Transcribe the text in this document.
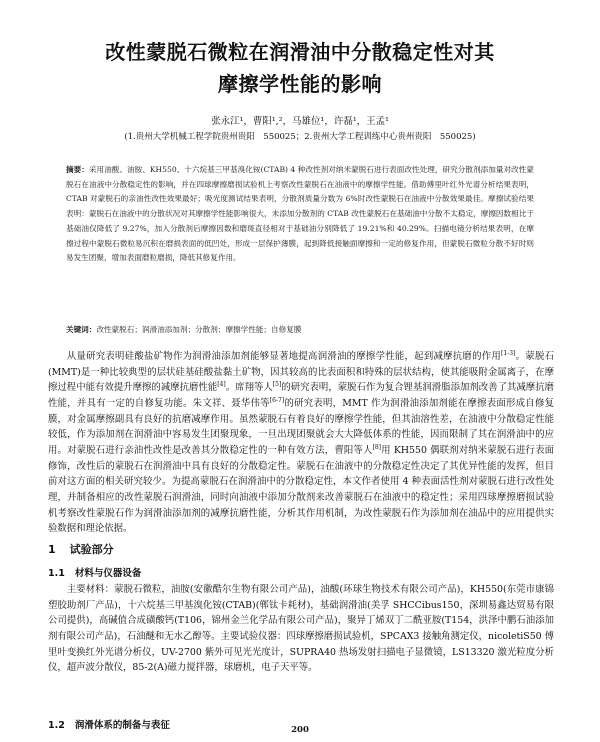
改性蒙脱石微粒在润滑油中分散稳定性对其
摩擦学性能的影响
张永江¹，曹阳¹,²，马雄位¹，许磊¹，王孟¹
(1.贵州大学机械工程学院贵州贵阳　550025；2.贵州大学工程训练中心贵州贵阳　550025)
摘要：采用油酸、油胺、KH550、十六烷基三甲基溴化铵(CTAB) 4 种改性剂对纳米蒙脱石进行表面改性处理，研究分散剂添加量对改性蒙脱石在油液中分散稳定性的影响，并在四球摩擦磨损试验机上考察改性蒙脱石在油液中的摩擦学性能。借助傅里叶红外光谱分析结果表明，CTAB 对蒙脱石的亲油性改性效果最好；吸光度测试结果表明，分散剂质量分数为 6%时改性蒙脱石在油液中分散效果最佳。摩擦试验结果表明：蒙脱石在油液中的分散状况对其摩擦学性能影响很大，未添加分散剂的 CTAB 改性蒙脱石在基础油中分散不太稳定，摩擦因数相比于基础油仅降低了 9.27%，加入分散剂后摩擦因数和磨斑直径相对于基础油分别降低了 19.21%和 40.29%。扫描电镜分析结果表明，在摩擦过程中蒙脱石微粒易沉积在磨损表面的低凹处，形成一层保护薄膜，起到降低接触面摩擦和一定的修复作用，但蒙脱石微粒分散不好时则易发生团聚，增加表面磨粒磨损，降低其修复作用。
关键词：改性蒙脱石；润滑油添加剂；分散剂；摩擦学性能；自修复膜
从量研究表明硅酸盐矿物作为润滑油添加剂能够显著地提高润滑油的摩擦学性能，起到减摩抗磨的作用[1-3]。蒙脱石(MMT)是一种比较典型的层状硅基硅酸盐黏土矿物，因其较高的比表面积和特殊的层状结构，使其能吸附金属离子，在摩擦过程中能有效提升摩擦的减摩抗磨性能[4]。席翔等人[5]的研究表明，蒙脱石作为复合锂基润滑脂添加剂改善了其减摩抗磨性能，并具有一定的自修复功能。朱文祥、聂华伟等[6-7]的研究表明，MMT 作为润滑油添加剂能在摩擦表面形成自修复膜，对金属摩擦副具有良好的抗磨减摩作用。虽然蒙脱石有着良好的摩擦学性能，但其油溶性差，在油液中分散稳定性能较低，作为添加剂在润滑油中容易发生团聚现象，一旦出现团聚就会大大降低体系的性能，因而限制了其在润滑油中的应用。对蒙脱石进行亲油性改性是改善其分散稳定性的一种有效方法，曹阳等人[8]用 KH550 偶联剂对纳米蒙脱石进行表面修饰，改性后的蒙脱石在润滑油中具有良好的分散稳定性。蒙脱石在油液中的分散稳定性决定了其优异性能的发挥，但目前对这方面的相关研究较少。为提高蒙脱石在润滑油中的分散稳定性，本文作者使用 4 种表面活性剂对蒙脱石进行改性处理，并制备相应的改性蒙脱石润滑油，同时向油液中添加分散剂来改善蒙脱石在油液中的稳定性；采用四球摩擦磨损试验机考察改性蒙脱石作为润滑油添加剂的减摩抗磨性能，分析其作用机制，为改性蒙脱石作为添加剂在油品中的应用提供实验数据和理论依据。
1 试验部分
1.1 材料与仪器设备
主要材料：蒙脱石微粒，油胺(安徽酷尔生物有限公司产品)，油酸(环球生物技术有限公司产品)，KH550(东莞市康锦塑胶助剂厂产品)，十六烷基三甲基溴化铵(CTAB)(郸钛卡耗材)，基础润滑油(美孚 SHCCibus150，深圳易鑫达贸易有限公司提供)，高碱值合成磺酸钙(T106，锦州金兰化学品有限公司产品)，聚异丁烯双丁二酰亚胺(T154，洪泽中鹏石油添加剂有限公司产品)，石油醚和无水乙醇等。主要试验仪器：四球摩擦磨损试验机，SPCAX3 接触角测定仪，nicoletiS50 傅里叶变换红外光谱分析仪，UV-2700 紫外可见光光度计，SUPRA40 热场发射扫描电子显微镜，LS13320 激光粒度分析仪，超声波分散仪，85-2(A)磁力搅拌器，球磨机，电子天平等。
1.2 润滑体系的制备与表征	200
